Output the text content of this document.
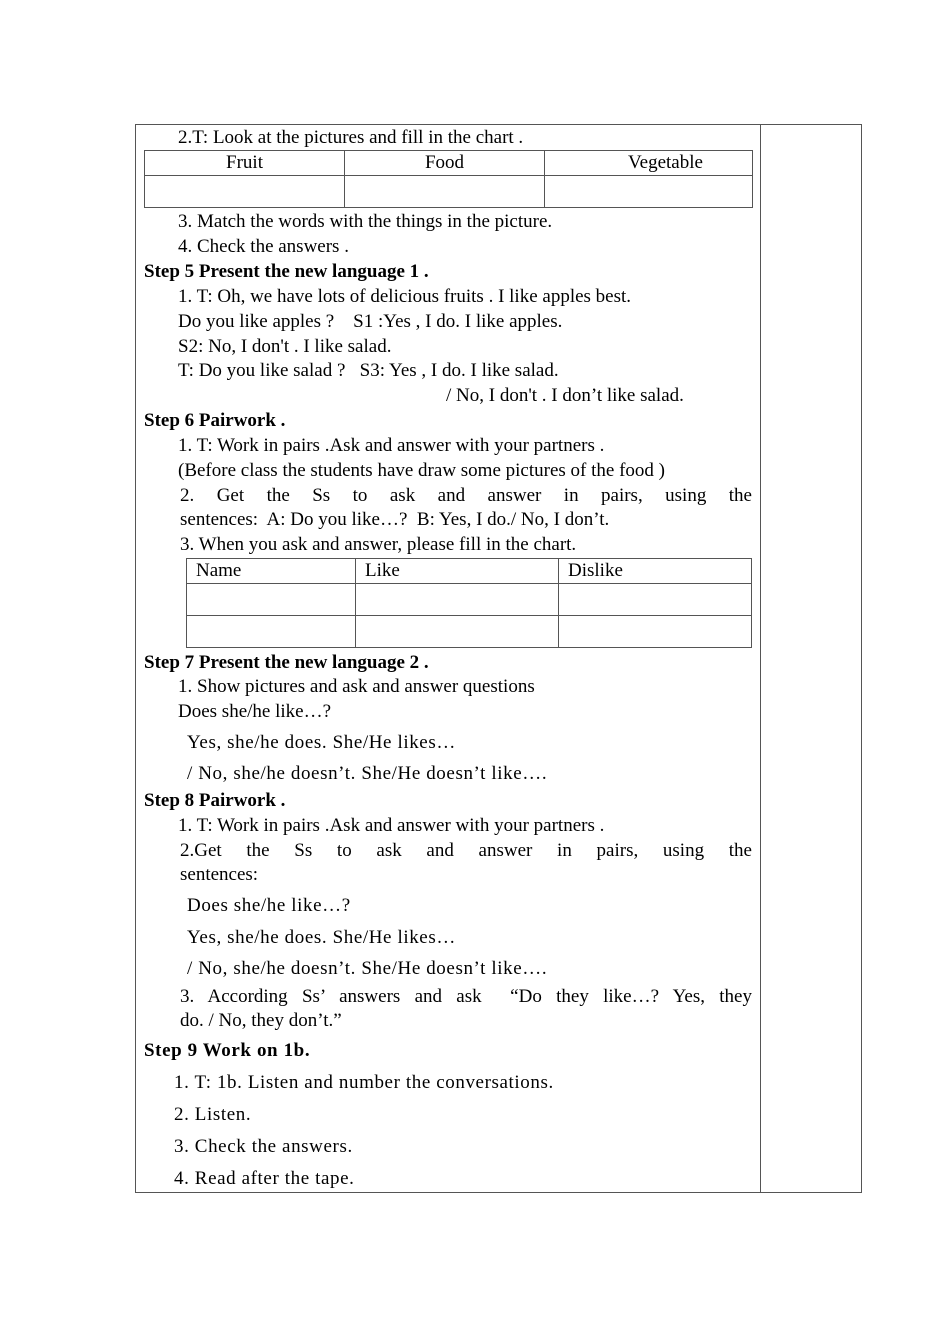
2.T: Look at the pictures and fill in the chart .
Fruit	Food	Vegetable

3. Match the words with the things in the picture.
4. Check the answers .
Step 5 Present the new language 1 .
1. T: Oh, we have lots of delicious fruits . I like apples best.
Do you like apples ?    S1 :Yes , I do. I like apples.
S2: No, I don't . I like salad.
T: Do you like salad ?   S3: Yes , I do. I like salad.
/ No, I don't . I don’t like salad.
Step 6 Pairwork .
1. T: Work in pairs .Ask and answer with your partners .
(Before class the students have draw some pictures of the food )
2. Get the Ss to ask and answer in pairs, using the
sentences:  A: Do you like…?  B: Yes, I do./ No, I don’t.
3. When you ask and answer, please fill in the chart.
Name	Like	Dislike

Step 7 Present the new language 2 .
1. Show pictures and ask and answer questions
Does she/he like…?
Yes, she/he does. She/He likes…
/ No, she/he doesn’t. She/He doesn’t like….
Step 8 Pairwork .
1. T: Work in pairs .Ask and answer with your partners .
2.Get the Ss to ask and answer in pairs, using the
sentences:
Does she/he like…?
Yes, she/he does. She/He likes…
/ No, she/he doesn’t. She/He doesn’t like….
3. According Ss’ answers and ask  “Do they like…? Yes, they
do. / No, they don’t.”
Step 9 Work on 1b.
1. T: 1b. Listen and number the conversations.
2. Listen.
3. Check the answers.
4. Read after the tape.
